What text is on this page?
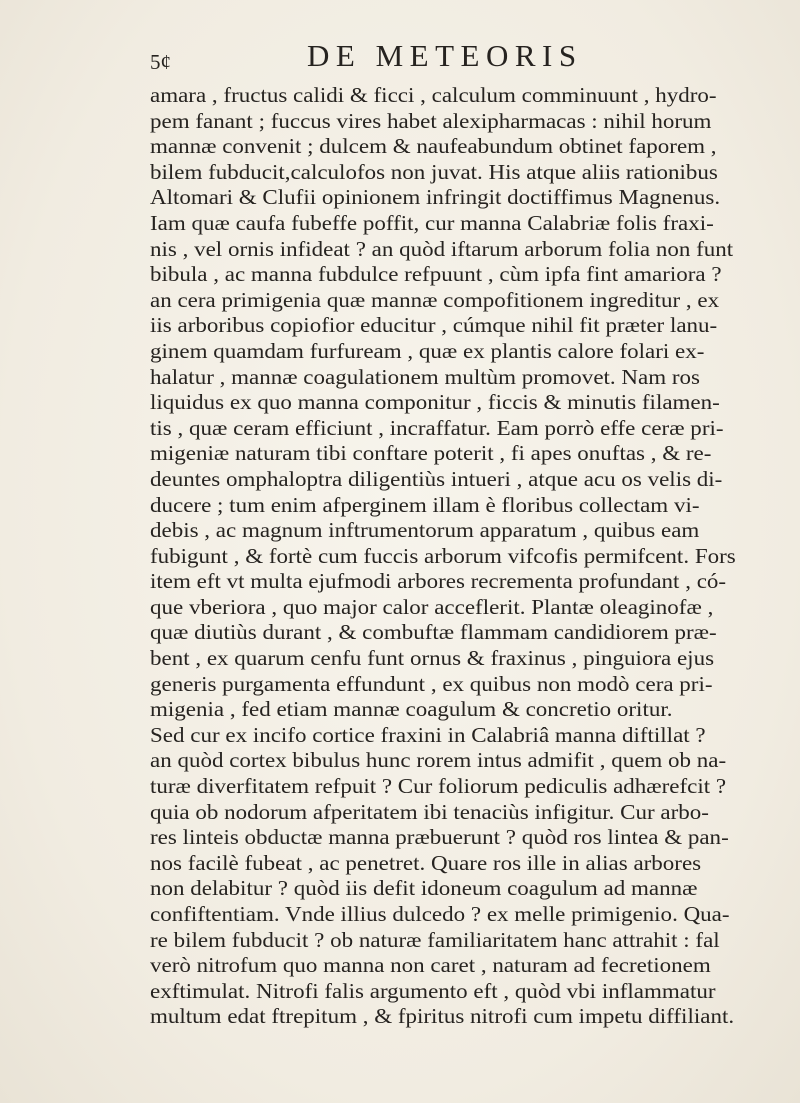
5¢	DE METEORIS
amara , fructus calidi & ficci , calculum comminuunt , hydro-
pem fanant ; fuccus vires habet alexipharmacas : nihil horum
mannæ convenit ; dulcem & naufeabundum obtinet faporem ,
bilem fubducit,calculofos non juvat. His atque aliis rationibus
Altomari & Clufii opinionem infringit doctiffimus Magnenus.
Iam quæ caufa fubeffe poffit, cur manna Calabriæ folis fraxi-
nis , vel ornis infideat ? an quòd iftarum arborum folia non funt
bibula , ac manna fubdulce refpuunt , cùm ipfa fint amariora ?
an cera primigenia quæ mannæ compofitionem ingreditur , ex
iis arboribus copiofior educitur , cúmque nihil fit præter lanu-
ginem quamdam furfuream , quæ ex plantis calore folari ex-
halatur , mannæ coagulationem multùm promovet. Nam ros
liquidus ex quo manna componitur , ficcis & minutis filamen-
tis , quæ ceram efficiunt , incraffatur. Eam porrò effe ceræ pri-
migeniæ naturam tibi conftare poterit , fi apes onuftas , & re-
deuntes omphaloptra diligentiùs intueri , atque acu os velis di-
ducere ; tum enim afperginem illam è floribus collectam vi-
debis , ac magnum inftrumentorum apparatum , quibus eam
fubigunt , & fortè cum fuccis arborum vifcofis permifcent. Fors
item eft vt multa ejufmodi arbores recrementa profundant , có-
que vberiora , quo major calor acceflerit. Plantæ oleaginofæ ,
quæ diutiùs durant , & combuftæ flammam candidiorem præ-
bent , ex quarum cenfu funt ornus & fraxinus , pinguiora ejus
generis purgamenta effundunt , ex quibus non modò cera pri-
migenia , fed etiam mannæ coagulum & concretio oritur.
Sed cur ex incifo cortice fraxini in Calabriâ manna diftillat ?
an quòd cortex bibulus hunc rorem intus admifit , quem ob na-
turæ diverfitatem refpuit ? Cur foliorum pediculis adhærefcit ?
quia ob nodorum afperitatem ibi tenaciùs infigitur. Cur arbo-
res linteis obductæ manna præbuerunt ? quòd ros lintea & pan-
nos facilè fubeat , ac penetret. Quare ros ille in alias arbores
non delabitur ? quòd iis defit idoneum coagulum ad mannæ
confiftentiam. Vnde illius dulcedo ? ex melle primigenio. Qua-
re bilem fubducit ? ob naturæ familiaritatem hanc attrahit : fal
verò nitrofum quo manna non caret , naturam ad fecretionem
exftimulat. Nitrofi falis argumento eft , quòd vbi inflammatur
multum edat ftrepitum , & fpiritus nitrofi cum impetu diffiliant.
